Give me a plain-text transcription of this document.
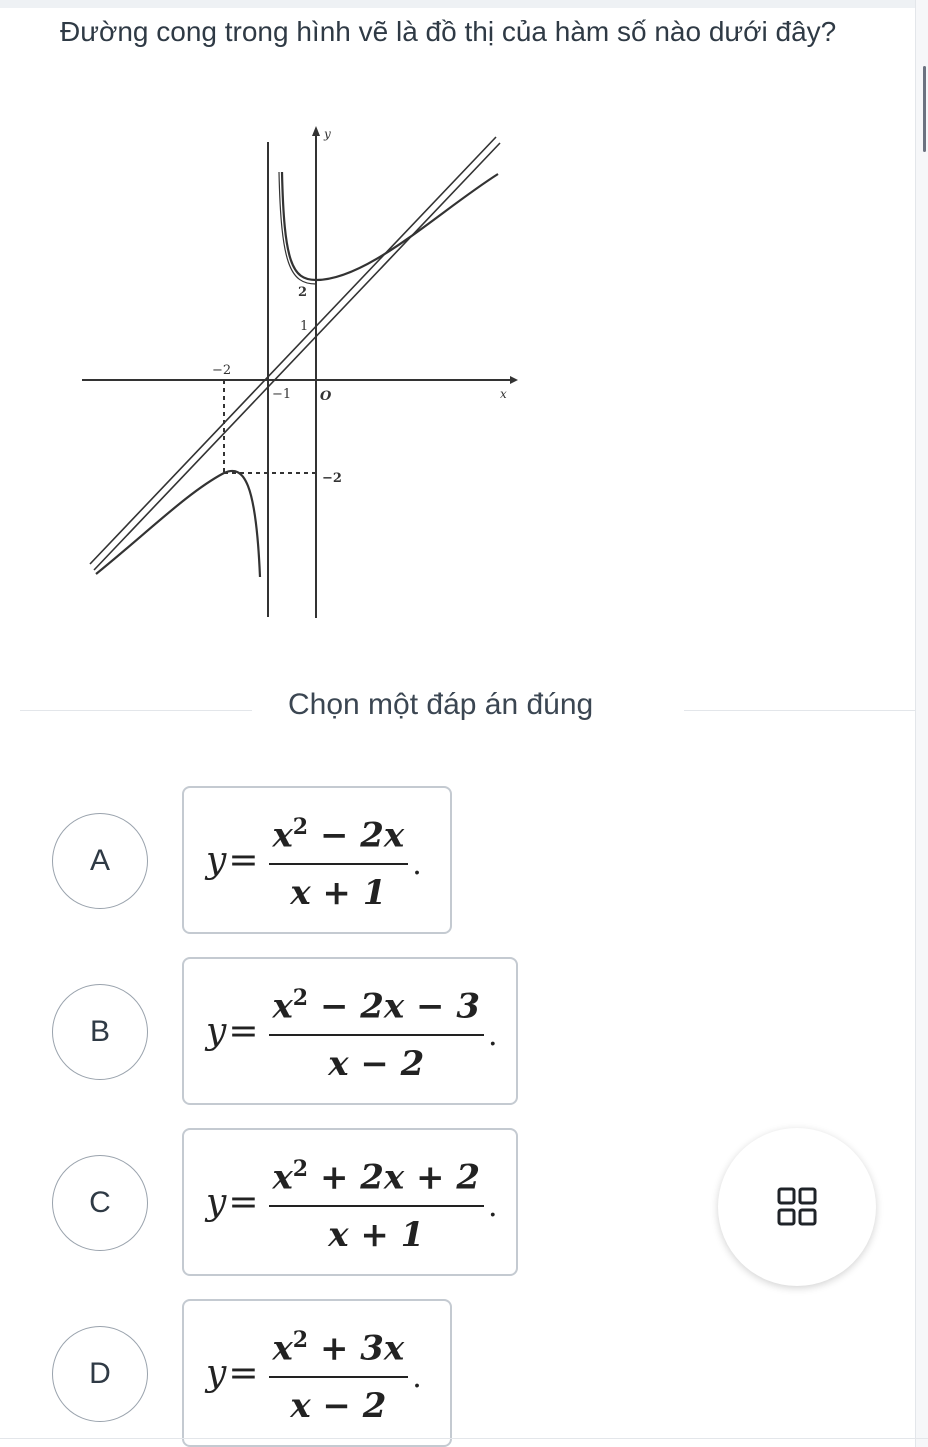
Đường cong trong hình vẽ là đồ thị của hàm số nào dưới đây?
y
x
O
−2
−1
2
1
−2
Chọn một đáp án đúng
A	$y = \frac{x^2 - 2x}{x + 1}$ .
B	$y = \frac{x^2 - 2x - 3}{x - 2}$ .
C	$y = \frac{x^2 + 2x + 2}{x + 1}$ .
D	$y = \frac{x^2 + 3x}{x - 2}$ .
